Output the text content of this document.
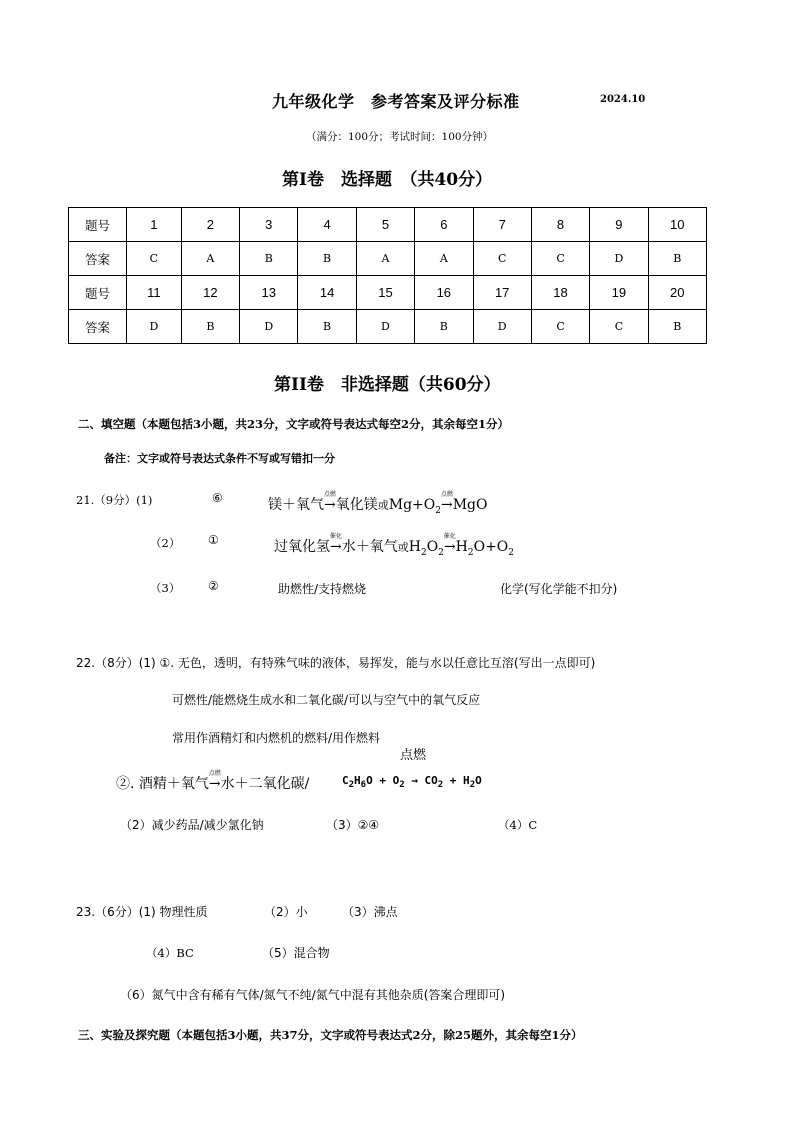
九年级化学　参考答案及评分标准	2024.10
（满分：100分；考试时间：100分钟）
第Ⅰ卷　选择题　（共40分）
题号	1	2	3	4	5	6	7	8	9	10
答案	C	A	B	B	A	A	C	C	D	B
题号	11	12	13	14	15	16	17	18	19	20
答案	D	B	D	B	D	B	D	C	C	B
第II卷　非选择题（共60分）
二、填空题（本题包括3小题，共23分，文字或符号表达式每空2分，其余每空1分）
备注：文字或符号表达式条件不写或写错扣一分
21.（9分）(1)	⑥	镁＋氧气→
点燃
氧化镁或$Mg+O_2\to$
点燃
MgO
（2） ①	过氧化氢→
催化
水＋氧气或$H_2O_2\to$
催化
$H_2O+O_2$
（3） ②	助燃性/支持燃烧	化学(写化学能不扣分)
22.（8分）(1) ①. 无色，透明，有特殊气味的液体，易挥发，能与水以任意比互溶(写出一点即可)
可燃性/能燃烧生成水和二氧化碳/可以与空气中的氧气反应
常用作酒精灯和内燃机的燃料/用作燃料
点燃
②. 酒精＋氧气→
点燃
水＋二氧化碳/	$C_2H_6O + O_2 \to CO_2 + H_2O$
（2）减少药品/减少氯化钠	（3）②④	（4）C
23.（6分）(1) 物理性质	（2）小	（3）沸点
（4）BC	（5）混合物
（6）氮气中含有稀有气体/氮气不纯/氮气中混有其他杂质(答案合理即可)
三、实验及探究题（本题包括3小题，共37分，文字或符号表达式2分，除25题外，其余每空1分）
